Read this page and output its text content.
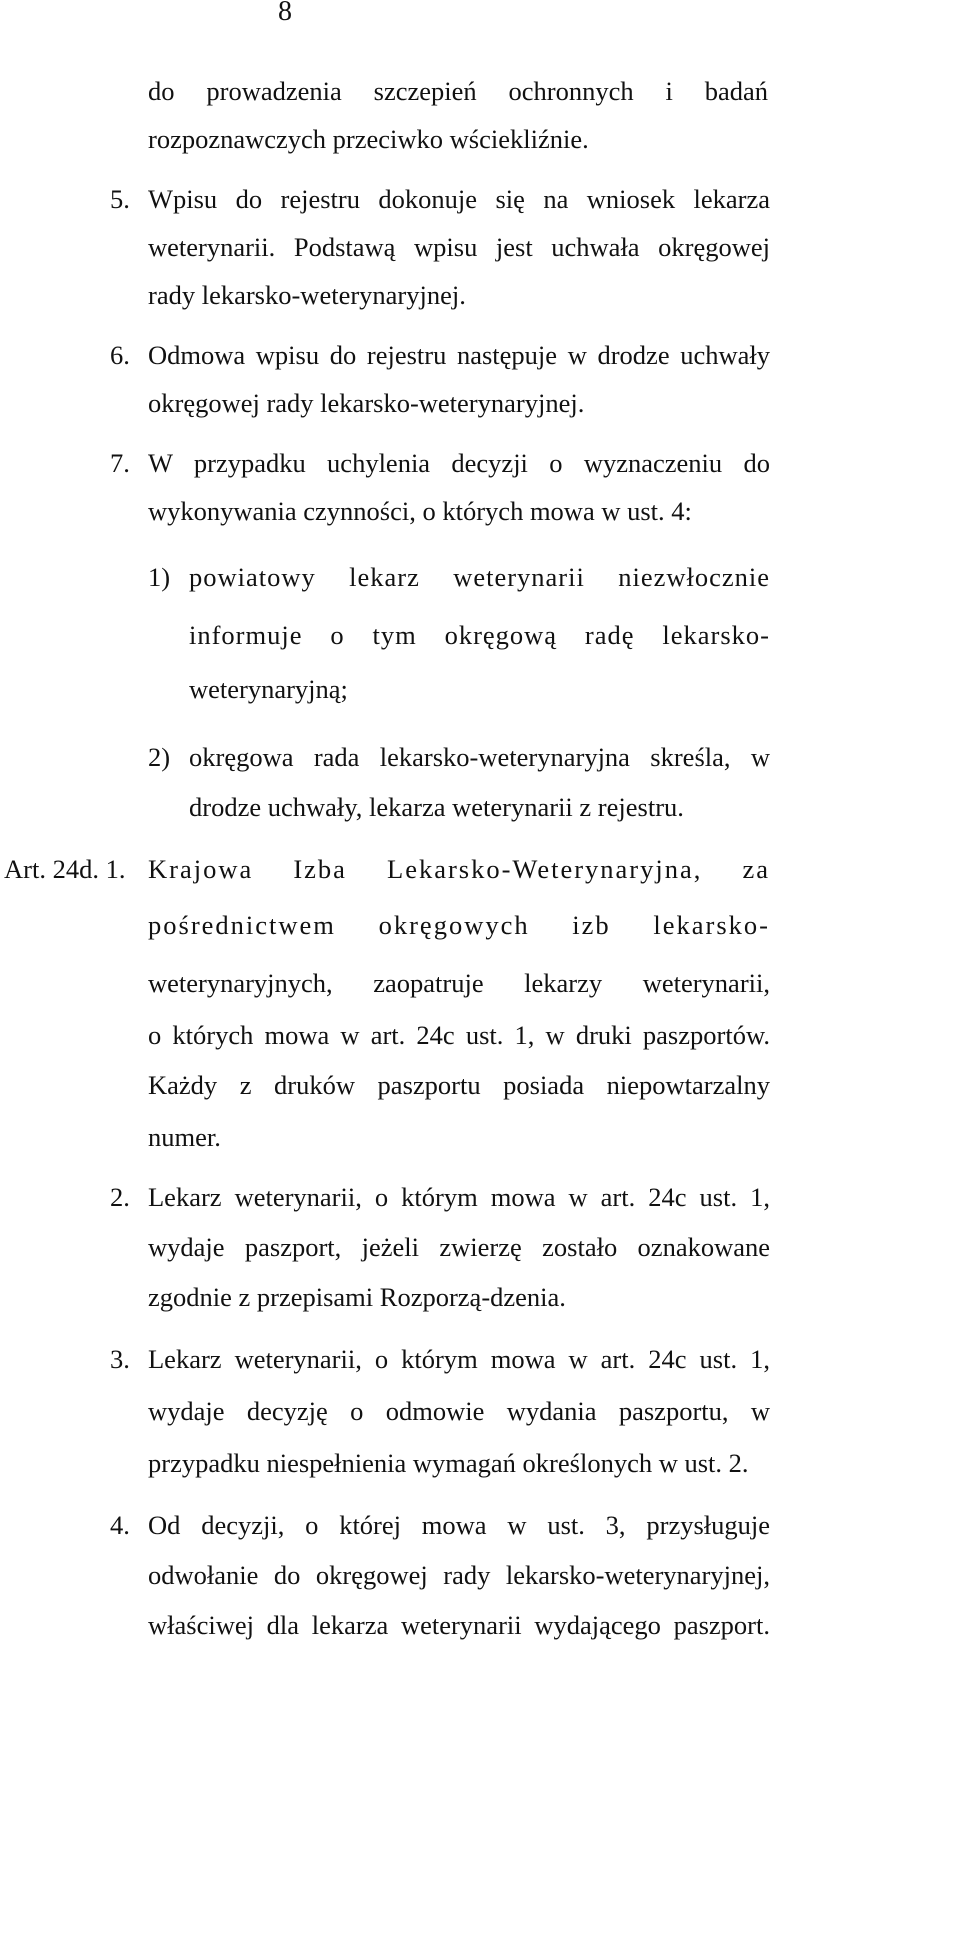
8
do prowadzenia szczepień ochronnych i badań
rozpoznawczych przeciwko wściekliźnie.
5. Wpisu do rejestru dokonuje się na wniosek lekarza
weterynarii. Podstawą wpisu jest uchwała okręgowej
rady lekarsko-weterynaryjnej.
6. Odmowa wpisu do rejestru następuje w drodze uchwały
okręgowej rady lekarsko-weterynaryjnej.
7. W przypadku uchylenia decyzji o wyznaczeniu do
wykonywania czynności, o których mowa w ust. 4:
1) powiatowy lekarz weterynarii niezwłocznie
informuje o tym okręgową radę lekarsko-
weterynaryjną;
2) okręgowa rada lekarsko-weterynaryjna skreśla, w
drodze uchwały, lekarza weterynarii z rejestru.
Art. 24d. 1. Krajowa Izba Lekarsko-Weterynaryjna, za
pośrednictwem okręgowych izb lekarsko-
weterynaryjnych, zaopatruje lekarzy weterynarii,
o których mowa w art. 24c ust. 1, w druki paszportów.
Każdy z druków paszportu posiada niepowtarzalny
numer.
2. Lekarz weterynarii, o którym mowa w art. 24c ust. 1,
wydaje paszport, jeżeli zwierzę zostało oznakowane
zgodnie z przepisami Rozporzą-dzenia.
3. Lekarz weterynarii, o którym mowa w art. 24c ust. 1,
wydaje decyzję o odmowie wydania paszportu, w
przypadku niespełnienia wymagań określonych w ust. 2.
4. Od decyzji, o której mowa w ust. 3, przysługuje
odwołanie do okręgowej rady lekarsko-weterynaryjnej,
właściwej dla lekarza weterynarii wydającego paszport.
